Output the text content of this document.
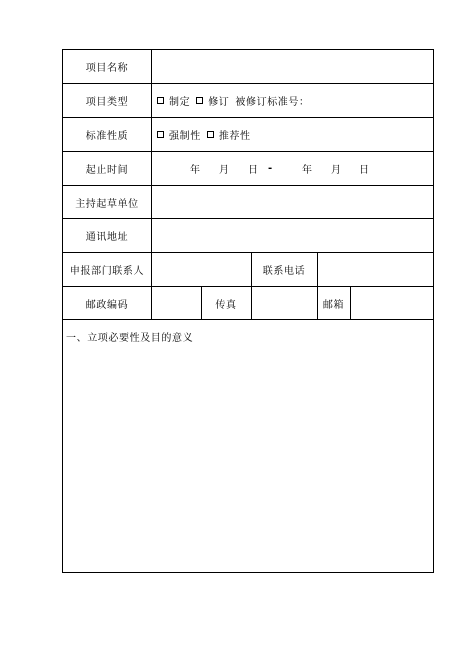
项目名称
项目类型	制定 修订 被修订标准号：
标准性质	强制性 推荐性
起止时间	年 月 日 -	年 月 日
主持起草单位
通讯地址
申报部门联系人	联系电话
邮政编码	传真	邮箱
一、立项必要性及目的意义
